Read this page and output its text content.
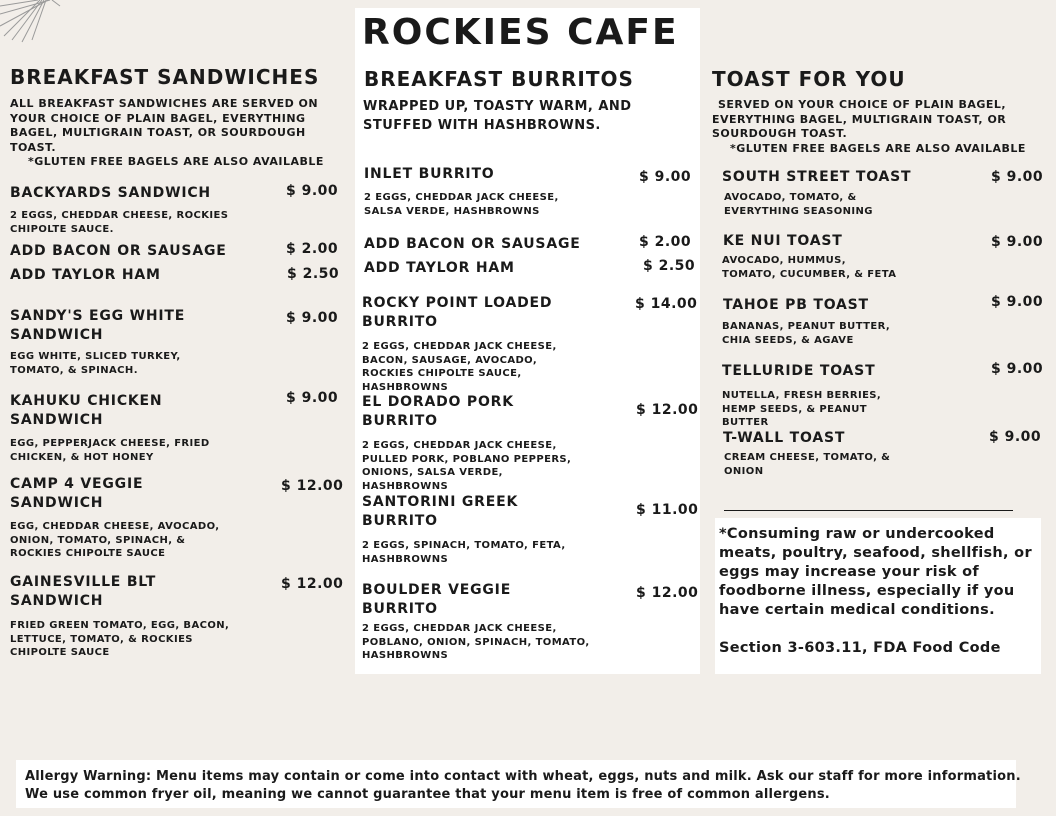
ROCKIES CAFE
BREAKFAST SANDWICHES
ALL BREAKFAST SANDWICHES ARE SERVED ON YOUR CHOICE OF PLAIN BAGEL, EVERYTHING BAGEL, MULTIGRAIN TOAST, OR SOURDOUGH TOAST.
*GLUTEN FREE BAGELS ARE ALSO AVAILABLE
BACKYARDS SANDWICH	$ 9.00
2 EGGS, CHEDDAR CHEESE, ROCKIES CHIPOLTE SAUCE.
ADD BACON OR SAUSAGE	$ 2.00
ADD TAYLOR HAM	$ 2.50
SANDY'S EGG WHITE SANDWICH
$ 9.00
EGG WHITE, SLICED TURKEY, TOMATO, & SPINACH.
KAHUKU CHICKEN SANDWICH
$ 9.00
EGG, PEPPERJACK CHEESE, FRIED CHICKEN, & HOT HONEY
CAMP 4 VEGGIE SANDWICH
$ 12.00
EGG, CHEDDAR CHEESE, AVOCADO, ONION, TOMATO, SPINACH, & ROCKIES CHIPOLTE SAUCE
GAINESVILLE BLT SANDWICH
$ 12.00
FRIED GREEN TOMATO, EGG, BACON, LETTUCE, TOMATO, & ROCKIES CHIPOLTE SAUCE
BREAKFAST BURRITOS
WRAPPED UP, TOASTY WARM, AND STUFFED WITH HASHBROWNS.
INLET BURRITO	$ 9.00
2 EGGS, CHEDDAR JACK CHEESE, SALSA VERDE, HASHBROWNS
ADD BACON OR SAUSAGE	$ 2.00
ADD TAYLOR HAM	$ 2.50
ROCKY POINT LOADED BURRITO
$ 14.00
2 EGGS, CHEDDAR JACK CHEESE, BACON, SAUSAGE, AVOCADO, ROCKIES CHIPOLTE SAUCE, HASHBROWNS
EL DORADO PORK BURRITO
$ 12.00
2 EGGS, CHEDDAR JACK CHEESE, PULLED PORK, POBLANO PEPPERS, ONIONS, SALSA VERDE, HASHBROWNS
SANTORINI GREEK BURRITO
$ 11.00
2 EGGS, SPINACH, TOMATO, FETA, HASHBROWNS
BOULDER VEGGIE BURRITO
$ 12.00
2 EGGS, CHEDDAR JACK CHEESE, POBLANO, ONION, SPINACH, TOMATO, HASHBROWNS
TOAST FOR YOU
SERVED ON YOUR CHOICE OF PLAIN BAGEL, EVERYTHING BAGEL, MULTIGRAIN TOAST, OR SOURDOUGH TOAST.
*GLUTEN FREE BAGELS ARE ALSO AVAILABLE
SOUTH STREET TOAST	$ 9.00
AVOCADO, TOMATO, & EVERYTHING SEASONING
KE NUI TOAST	$ 9.00
AVOCADO, HUMMUS, TOMATO, CUCUMBER, & FETA
TAHOE PB TOAST	$ 9.00
BANANAS, PEANUT BUTTER, CHIA SEEDS, & AGAVE
TELLURIDE TOAST	$ 9.00
NUTELLA, FRESH BERRIES, HEMP SEEDS, & PEANUT BUTTER
T-WALL TOAST	$ 9.00
CREAM CHEESE, TOMATO, & ONION
*Consuming raw or undercooked meats, poultry, seafood, shellfish, or eggs may increase your risk of foodborne illness, especially if you have certain medical conditions.
Section 3-603.11, FDA Food Code
Allergy Warning: Menu items may contain or come into contact with wheat, eggs, nuts and milk. Ask our staff for more information.
We use common fryer oil, meaning we cannot guarantee that your menu item is free of common allergens.
